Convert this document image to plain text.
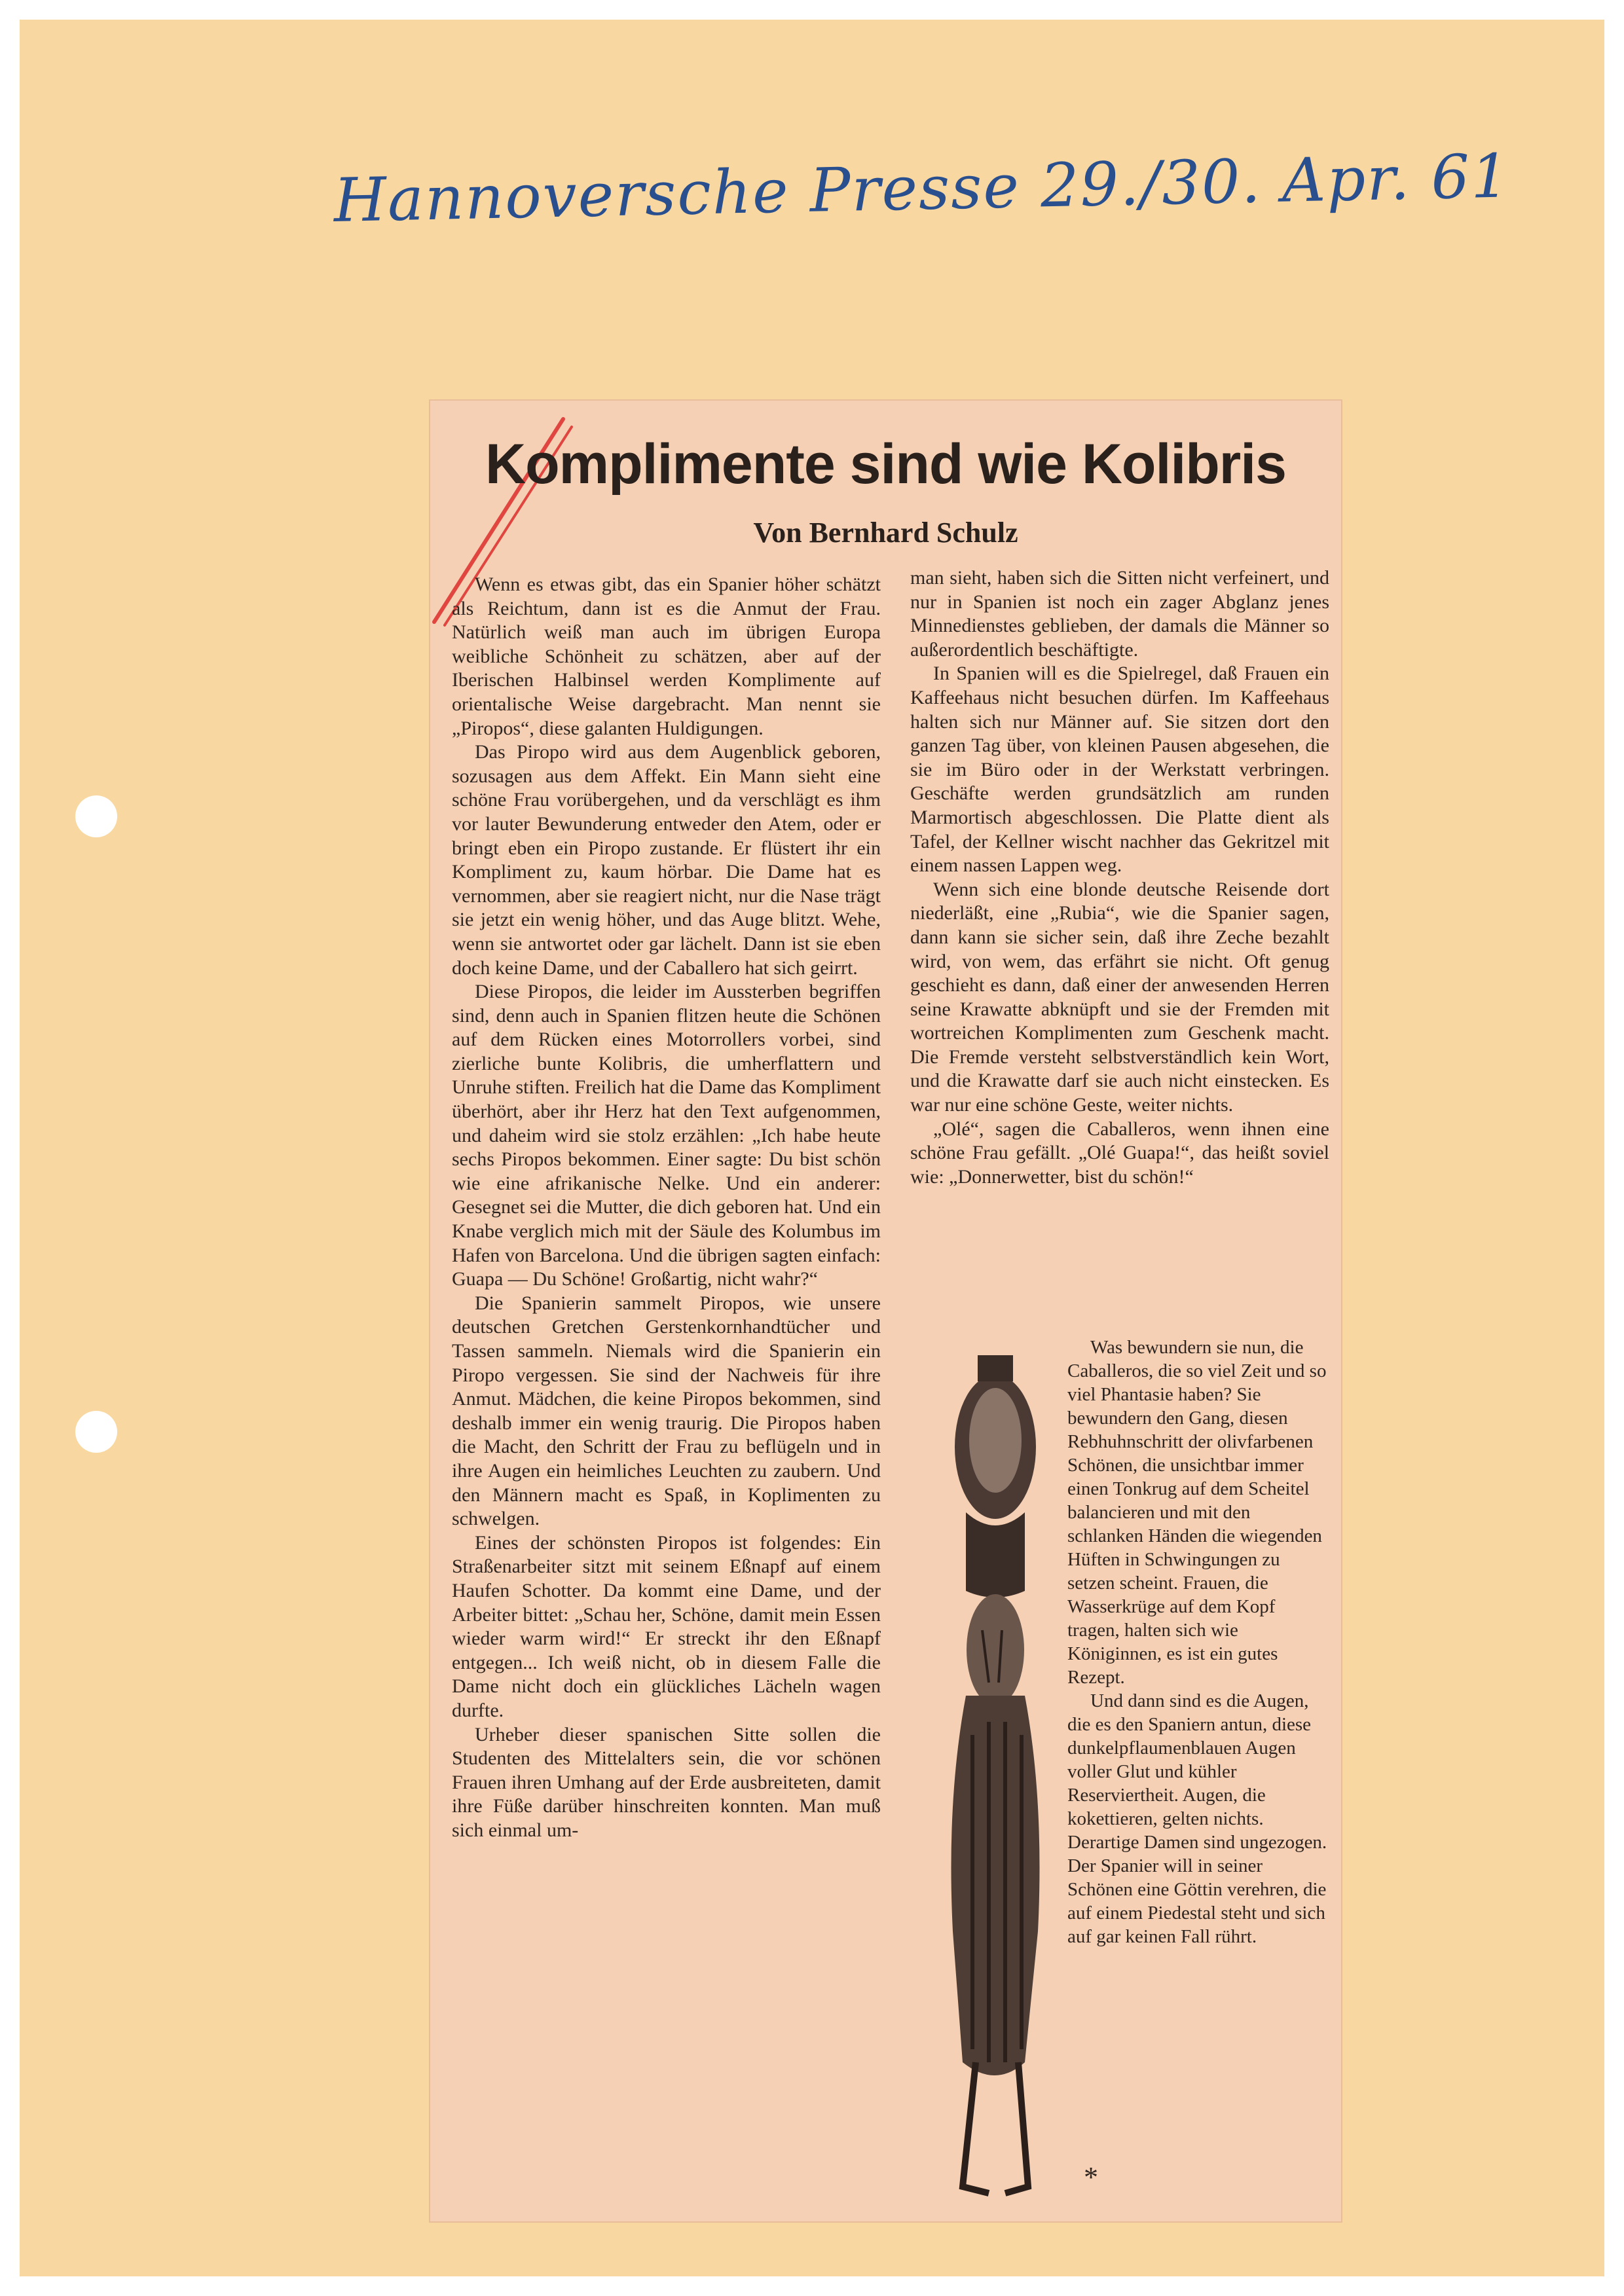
Hannoversche Presse 29./30. Apr. 61
Komplimente sind wie Kolibris
Von Bernhard Schulz

Wenn es etwas gibt, das ein Spanier höher schätzt als Reichtum, dann ist es die Anmut der Frau. Natürlich weiß man auch im übrigen Europa weibliche Schönheit zu schätzen, aber auf der Iberischen Halbinsel werden Komplimente auf orientalische Weise dargebracht. Man nennt sie „Piropos“, diese galanten Huldigungen.

Das Piropo wird aus dem Augenblick geboren, sozusagen aus dem Affekt. Ein Mann sieht eine schöne Frau vorübergehen, und da verschlägt es ihm vor lauter Bewunderung entweder den Atem, oder er bringt eben ein Piropo zustande. Er flüstert ihr ein Kompliment zu, kaum hörbar. Die Dame hat es vernommen, aber sie reagiert nicht, nur die Nase trägt sie jetzt ein wenig höher, und das Auge blitzt. Wehe, wenn sie antwortet oder gar lächelt. Dann ist sie eben doch keine Dame, und der Caballero hat sich geirrt.

Diese Piropos, die leider im Aussterben begriffen sind, denn auch in Spanien flitzen heute die Schönen auf dem Rücken eines Motorrollers vorbei, sind zierliche bunte Kolibris, die umherflattern und Unruhe stiften. Freilich hat die Dame das Kompliment überhört, aber ihr Herz hat den Text aufgenommen, und daheim wird sie stolz erzählen: „Ich habe heute sechs Piropos bekommen. Einer sagte: Du bist schön wie eine afrikanische Nelke. Und ein anderer: Gesegnet sei die Mutter, die dich geboren hat. Und ein Knabe verglich mich mit der Säule des Kolumbus im Hafen von Barcelona. Und die übrigen sagten einfach: Guapa — Du Schöne! Großartig, nicht wahr?“

Die Spanierin sammelt Piropos, wie unsere deutschen Gretchen Gerstenkornhandtücher und Tassen sammeln. Niemals wird die Spanierin ein Piropo vergessen. Sie sind der Nachweis für ihre Anmut. Mädchen, die keine Piropos bekommen, sind deshalb immer ein wenig traurig. Die Piropos haben die Macht, den Schritt der Frau zu beflügeln und in ihre Augen ein heimliches Leuchten zu zaubern. Und den Männern macht es Spaß, in Koplimenten zu schwelgen.

Eines der schönsten Piropos ist folgendes: Ein Straßenarbeiter sitzt mit seinem Eßnapf auf einem Haufen Schotter. Da kommt eine Dame, und der Arbeiter bittet: „Schau her, Schöne, damit mein Essen wieder warm wird!“ Er streckt ihr den Eßnapf entgegen... Ich weiß nicht, ob in diesem Falle die Dame nicht doch ein glückliches Lächeln wagen durfte.

Urheber dieser spanischen Sitte sollen die Studenten des Mittelalters sein, die vor schönen Frauen ihren Umhang auf der Erde ausbreiteten, damit ihre Füße darüber hinschreiten konnten. Man muß sich einmal um-

man sieht, haben sich die Sitten nicht verfeinert, und nur in Spanien ist noch ein zager Abglanz jenes Minnedienstes geblieben, der damals die Männer so außerordentlich beschäftigte.

In Spanien will es die Spielregel, daß Frauen ein Kaffeehaus nicht besuchen dürfen. Im Kaffeehaus halten sich nur Männer auf. Sie sitzen dort den ganzen Tag über, von kleinen Pausen abgesehen, die sie im Büro oder in der Werkstatt verbringen. Geschäfte werden grundsätzlich am runden Marmortisch abgeschlossen. Die Platte dient als Tafel, der Kellner wischt nachher das Gekritzel mit einem nassen Lappen weg.

Wenn sich eine blonde deutsche Reisende dort niederläßt, eine „Rubia“, wie die Spanier sagen, dann kann sie sicher sein, daß ihre Zeche bezahlt wird, von wem, das erfährt sie nicht. Oft genug geschieht es dann, daß einer der anwesenden Herren seine Krawatte abknüpft und sie der Fremden mit wortreichen Komplimenten zum Geschenk macht. Die Fremde versteht selbstverständlich kein Wort, und die Krawatte darf sie auch nicht einstecken. Es war nur eine schöne Geste, weiter nichts.

„Olé“, sagen die Caballeros, wenn ihnen eine schöne Frau gefällt. „Olé Guapa!“, das heißt soviel wie: „Donnerwetter, bist du schön!“

Was bewundern sie nun, die Caballeros, die so viel Zeit und so viel Phantasie haben? Sie bewundern den Gang, diesen Rebhuhnschritt der olivfarbenen Schönen, die unsichtbar immer einen Tonkrug auf dem Scheitel balancieren und mit den schlanken Händen die wiegenden Hüften in Schwingungen zu setzen scheint. Frauen, die Wasserkrüge auf dem Kopf tragen, halten sich wie Königinnen, es ist ein gutes Rezept.

Und dann sind es die Augen, die es den Spaniern antun, diese dunkelpflaumenblauen Augen voller Glut und kühler Reserviertheit. Augen, die kokettieren, gelten nichts. Derartige Damen sind ungezogen. Der Spanier will in seiner Schönen eine Göttin verehren, die auf einem Piedestal steht und sich auf gar keinen Fall rührt.

*
